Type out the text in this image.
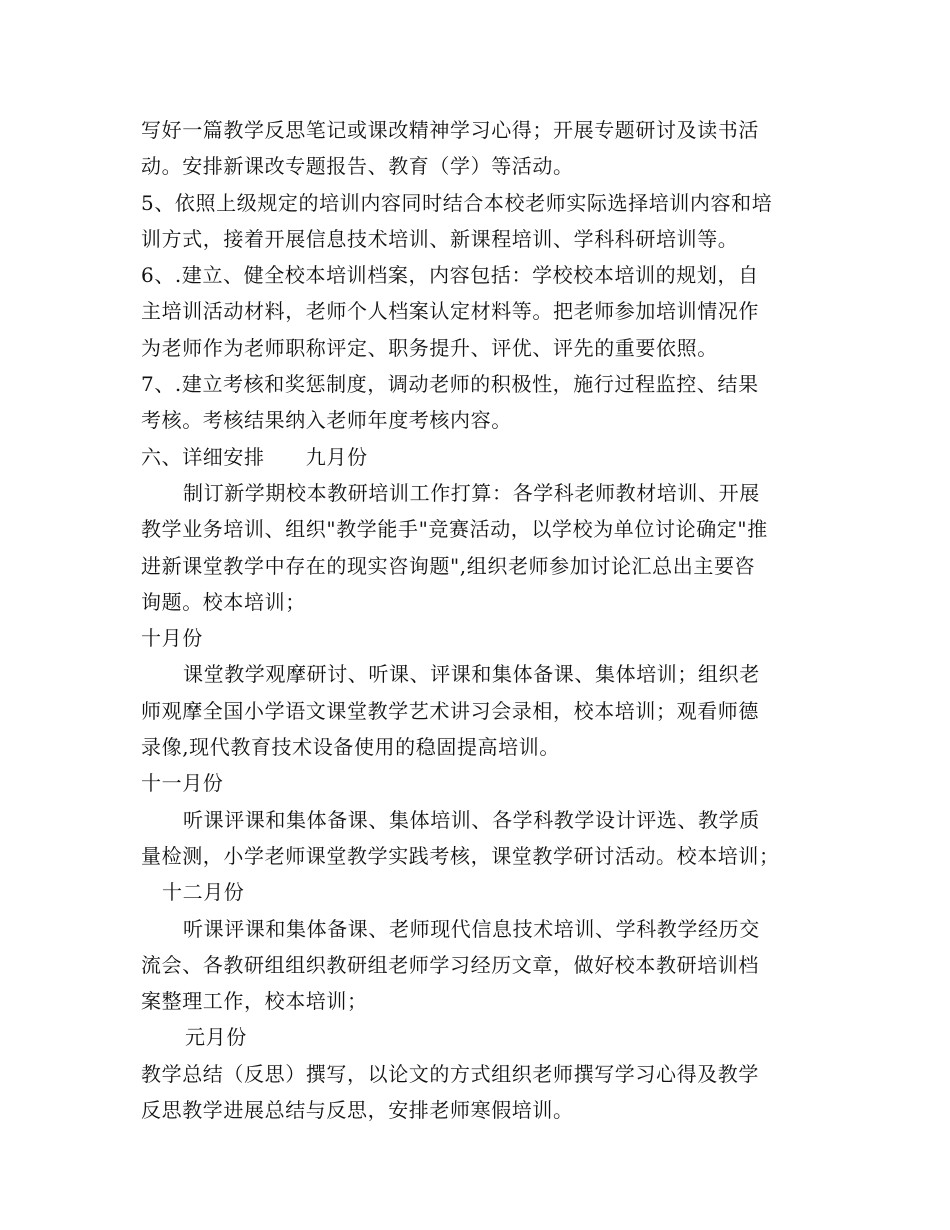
写好一篇教学反思笔记或课改精神学习心得；开展专题研讨及读书活
动。安排新课改专题报告、教育（学）等活动。
5、依照上级规定的培训内容同时结合本校老师实际选择培训内容和培
训方式，接着开展信息技术培训、新课程培训、学科科研培训等。
6、.建立、健全校本培训档案，内容包括：学校校本培训的规划，自
主培训活动材料，老师个人档案认定材料等。把老师参加培训情况作
为老师作为老师职称评定、职务提升、评优、评先的重要依照。
7、.建立考核和奖惩制度，调动老师的积极性，施行过程监控、结果
考核。考核结果纳入老师年度考核内容。
六、详细安排　　九月份
制订新学期校本教研培训工作打算：各学科老师教材培训、开展
教学业务培训、组织"教学能手"竞赛活动，以学校为单位讨论确定"推
进新课堂教学中存在的现实咨询题",组织老师参加讨论汇总出主要咨
询题。校本培训；
十月份
课堂教学观摩研讨、听课、评课和集体备课、集体培训；组织老
师观摩全国小学语文课堂教学艺术讲习会录相，校本培训；观看师德
录像,现代教育技术设备使用的稳固提高培训。
十一月份
听课评课和集体备课、集体培训、各学科教学设计评选、教学质
量检测，小学老师课堂教学实践考核，课堂教学研讨活动。校本培训；
十二月份
听课评课和集体备课、老师现代信息技术培训、学科教学经历交
流会、各教研组组织教研组老师学习经历文章，做好校本教研培训档
案整理工作，校本培训；
元月份
教学总结（反思）撰写，以论文的方式组织老师撰写学习心得及教学
反思教学进展总结与反思，安排老师寒假培训。
